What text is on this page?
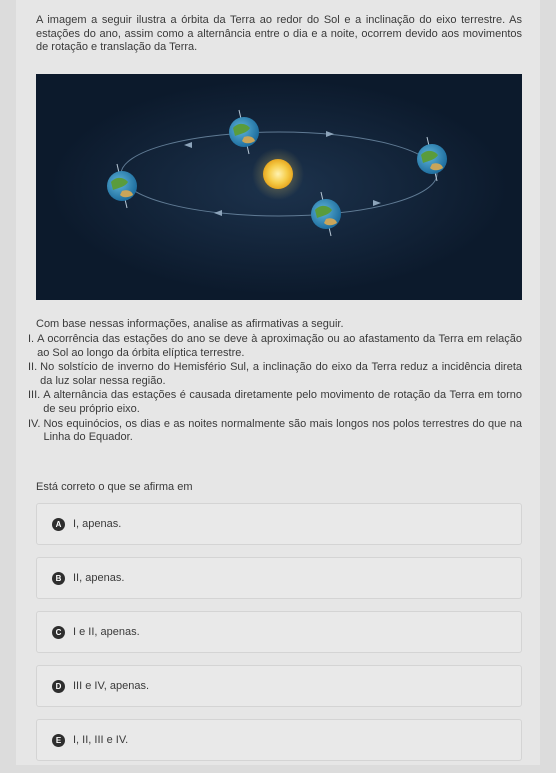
A imagem a seguir ilustra a órbita da Terra ao redor do Sol e a inclinação do eixo terrestre. As estações do ano, assim como a alternância entre o dia e a noite, ocorrem devido aos movimentos de rotação e translação da Terra.

Com base nessas informações, analise as afirmativas a seguir.

I. A ocorrência das estações do ano se deve à aproximação ou ao afastamento da Terra em relação ao Sol ao longo da órbita elíptica terrestre.
II. No solstício de inverno do Hemisfério Sul, a inclinação do eixo da Terra reduz a incidência direta da luz solar nessa região.
III. A alternância das estações é causada diretamente pelo movimento de rotação da Terra em torno de seu próprio eixo.
IV. Nos equinócios, os dias e as noites normalmente são mais longos nos polos terrestres do que na Linha do Equador.

Está correto o que se afirma em

A	I, apenas.
B	II, apenas.
C	I e II, apenas.
D	III e IV, apenas.
E	I, II, III e IV.
